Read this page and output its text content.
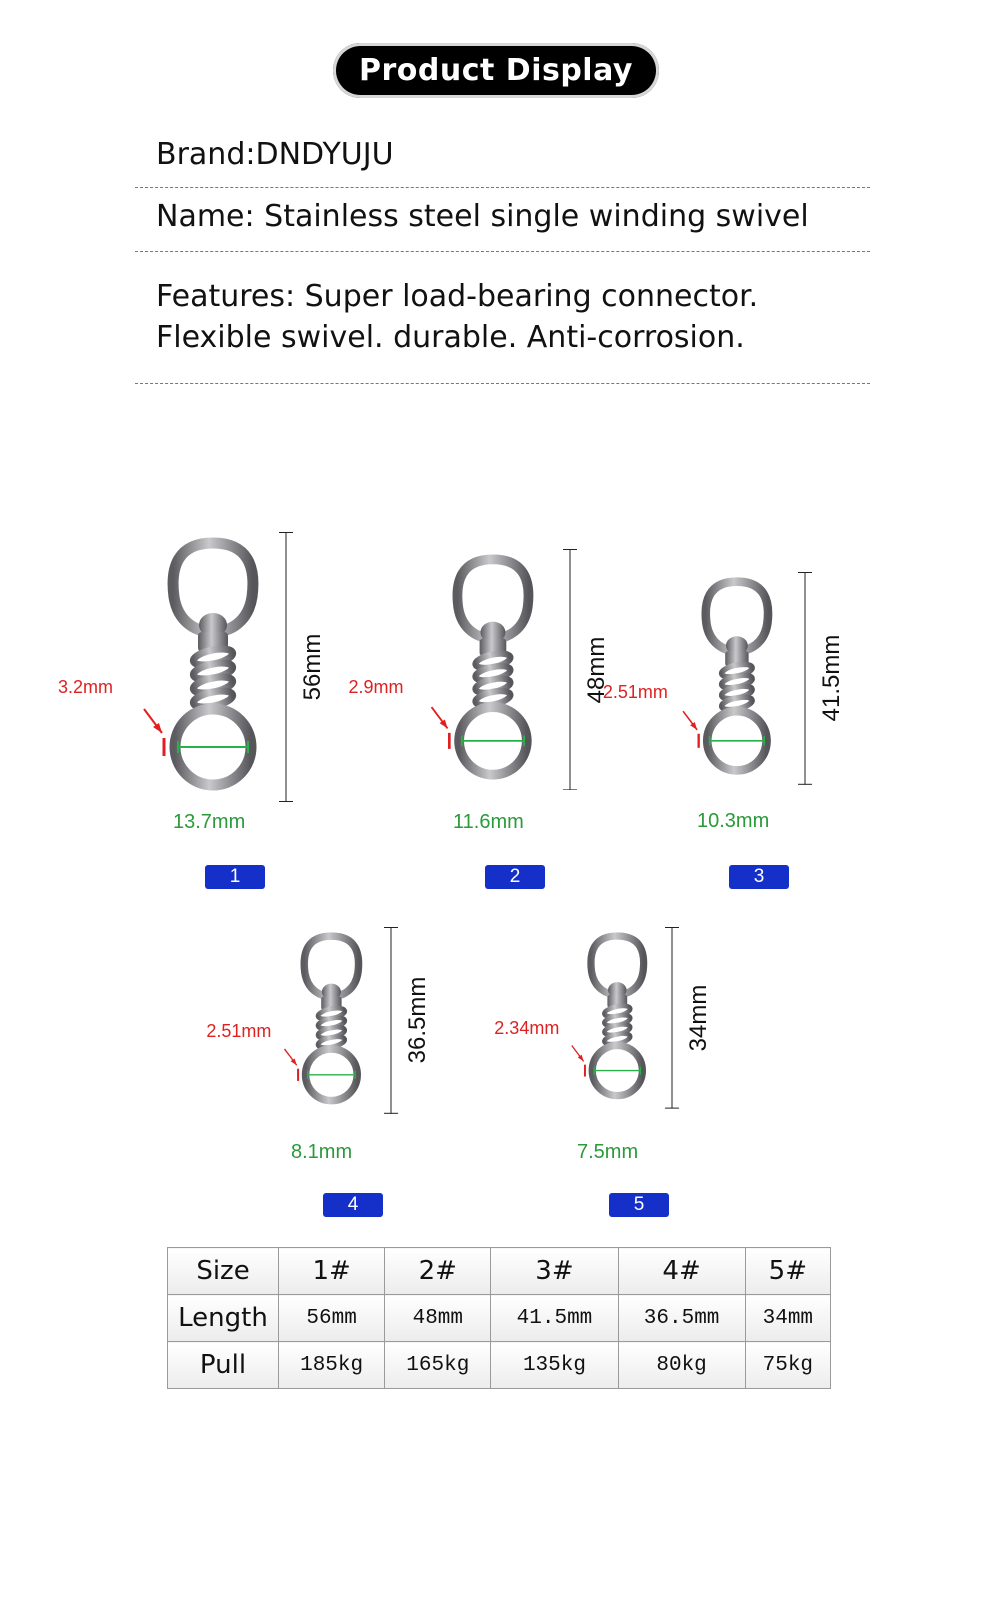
Product Display
Brand:DNDYUJU
Name: Stainless steel single winding swivel
Features: Super load-bearing connector.
Flexible swivel. durable. Anti-corrosion.
56mm
3.2mm
13.7mm
1
48mm
2.9mm
11.6mm
2
41.5mm
2.51mm
10.3mm
3
36.5mm
2.51mm
8.1mm
4
34mm
2.34mm
7.5mm
5
Size	1#	2#	3#	4#	5#
Length	56mm	48mm	41.5mm	36.5mm	34mm
Pull	185kg	165kg	135kg	80kg	75kg
